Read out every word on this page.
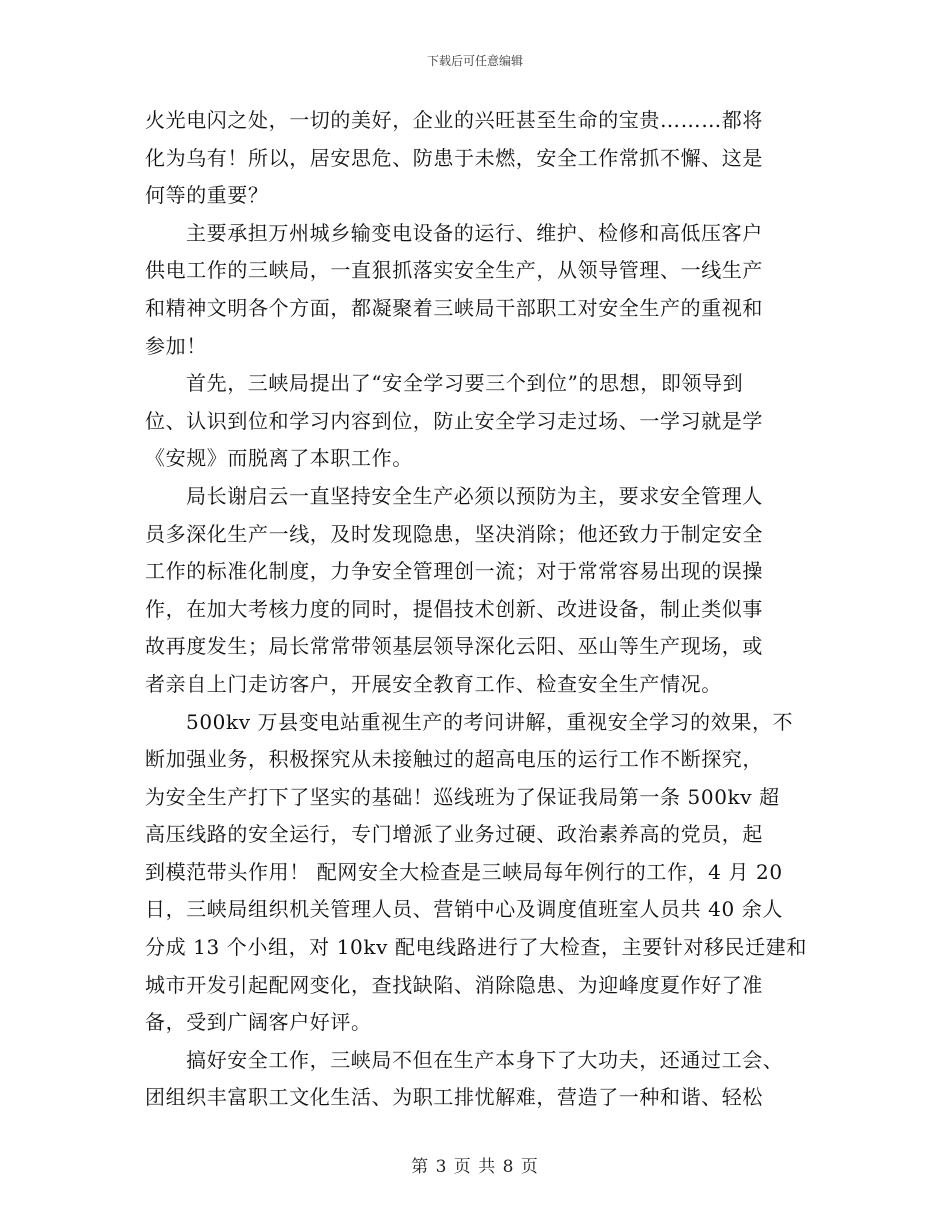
下载后可任意编辑
火光电闪之处，一切的美好，企业的兴旺甚至生命的宝贵………都将
化为乌有！所以，居安思危、防患于未燃，安全工作常抓不懈、这是
何等的重要？
主要承担万州城乡输变电设备的运行、维护、检修和高低压客户
供电工作的三峡局，一直狠抓落实安全生产，从领导管理、一线生产
和精神文明各个方面，都凝聚着三峡局干部职工对安全生产的重视和
参加！
首先，三峡局提出了“安全学习要三个到位”的思想，即领导到
位、认识到位和学习内容到位，防止安全学习走过场、一学习就是学
《安规》而脱离了本职工作。
局长谢启云一直坚持安全生产必须以预防为主，要求安全管理人
员多深化生产一线，及时发现隐患，坚决消除；他还致力于制定安全
工作的标准化制度，力争安全管理创一流；对于常常容易出现的误操
作，在加大考核力度的同时，提倡技术创新、改进设备，制止类似事
故再度发生；局长常常带领基层领导深化云阳、巫山等生产现场，或
者亲自上门走访客户，开展安全教育工作、检查安全生产情况。
500kv 万县变电站重视生产的考问讲解，重视安全学习的效果，不
断加强业务，积极探究从未接触过的超高电压的运行工作不断探究，
为安全生产打下了坚实的基础！巡线班为了保证我局第一条 500kv 超
高压线路的安全运行，专门增派了业务过硬、政治素养高的党员，起
到模范带头作用！ 配网安全大检查是三峡局每年例行的工作，4 月 20
日，三峡局组织机关管理人员、营销中心及调度值班室人员共 40 余人
分成 13 个小组，对 10kv 配电线路进行了大检查，主要针对移民迁建和
城市开发引起配网变化，查找缺陷、消除隐患、为迎峰度夏作好了准
备，受到广阔客户好评。
搞好安全工作，三峡局不但在生产本身下了大功夫，还通过工会、
团组织丰富职工文化生活、为职工排忧解难，营造了一种和谐、轻松
第 3 页 共 8 页
